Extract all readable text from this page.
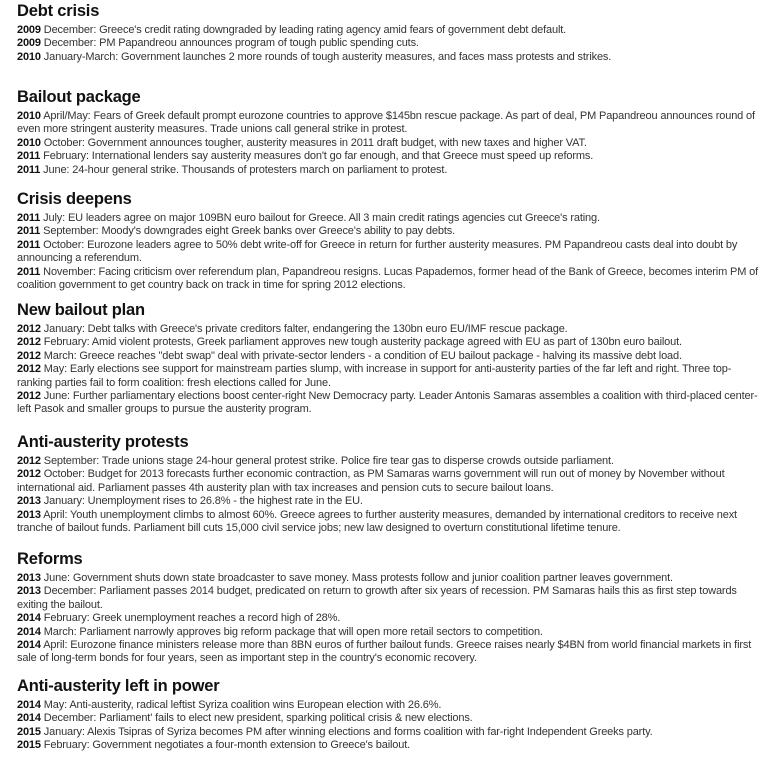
Debt crisis
2009 December: Greece's credit rating downgraded by leading rating agency amid fears of government debt default.
2009 December: PM Papandreou announces program of tough public spending cuts.
2010 January-March: Government launches 2 more rounds of tough austerity measures, and faces mass protests and strikes.
Bailout package
2010 April/May: Fears of Greek default prompt eurozone countries to approve $145bn rescue package. As part of deal, PM Papandreou announces round of even more stringent austerity measures. Trade unions call general strike in protest.
2010 October: Government announces tougher, austerity measures in 2011 draft budget, with new taxes and higher VAT.
2011 February: International lenders say austerity measures don't go far enough, and that Greece must speed up reforms.
2011 June: 24-hour general strike. Thousands of protesters march on parliament to protest.
Crisis deepens
2011 July: EU leaders agree on major 109BN euro bailout for Greece. All 3 main credit ratings agencies cut Greece's rating.
2011 September: Moody's downgrades eight Greek banks over Greece's ability to pay debts.
2011 October: Eurozone leaders agree to 50% debt write-off for Greece in return for further austerity measures. PM Papandreou casts deal into doubt by announcing a referendum.
2011 November: Facing criticism over referendum plan, Papandreou resigns. Lucas Papademos, former head of the Bank of Greece, becomes interim PM of coalition government to get country back on track in time for spring 2012 elections.
New bailout plan
2012 January: Debt talks with Greece's private creditors falter, endangering the 130bn euro EU/IMF rescue package.
2012 February: Amid violent protests, Greek parliament approves new tough austerity package agreed with EU as part of 130bn euro bailout.
2012 March: Greece reaches "debt swap" deal with private-sector lenders - a condition of EU bailout package - halving its massive debt load.
2012 May: Early elections see support for mainstream parties slump, with increase in support for anti-austerity parties of the far left and right. Three top-ranking parties fail to form coalition: fresh elections called for June.
2012 June: Further parliamentary elections boost center-right New Democracy party. Leader Antonis Samaras assembles a coalition with third-placed center-left Pasok and smaller groups to pursue the austerity program.
Anti-austerity protests
2012 September: Trade unions stage 24-hour general protest strike. Police fire tear gas to disperse crowds outside parliament.
2012 October: Budget for 2013 forecasts further economic contraction, as PM Samaras warns government will run out of money by November without international aid. Parliament passes 4th austerity plan with tax increases and pension cuts to secure bailout loans.
2013 January: Unemployment rises to 26.8% - the highest rate in the EU.
2013 April: Youth unemployment climbs to almost 60%. Greece agrees to further austerity measures, demanded by international creditors to receive next tranche of bailout funds. Parliament bill cuts 15,000 civil service jobs; new law designed to overturn constitutional lifetime tenure.
Reforms
2013 June: Government shuts down state broadcaster to save money. Mass protests follow and junior coalition partner leaves government.
2013 December: Parliament passes 2014 budget, predicated on return to growth after six years of recession. PM Samaras hails this as first step towards exiting the bailout.
2014 February: Greek unemployment reaches a record high of 28%.
2014 March: Parliament narrowly approves big reform package that will open more retail sectors to competition.
2014 April: Eurozone finance ministers release more than 8BN euros of further bailout funds. Greece raises nearly $4BN from world financial markets in first sale of long-term bonds for four years, seen as important step in the country's economic recovery.
Anti-austerity left in power
2014 May: Anti-austerity, radical leftist Syriza coalition wins European election with 26.6%.
2014 December: Parliament' fails to elect new president, sparking political crisis & new elections.
2015 January: Alexis Tsipras of Syriza becomes PM after winning elections and forms coalition with far-right Independent Greeks party.
2015 February: Government negotiates a four-month extension to Greece's bailout.
